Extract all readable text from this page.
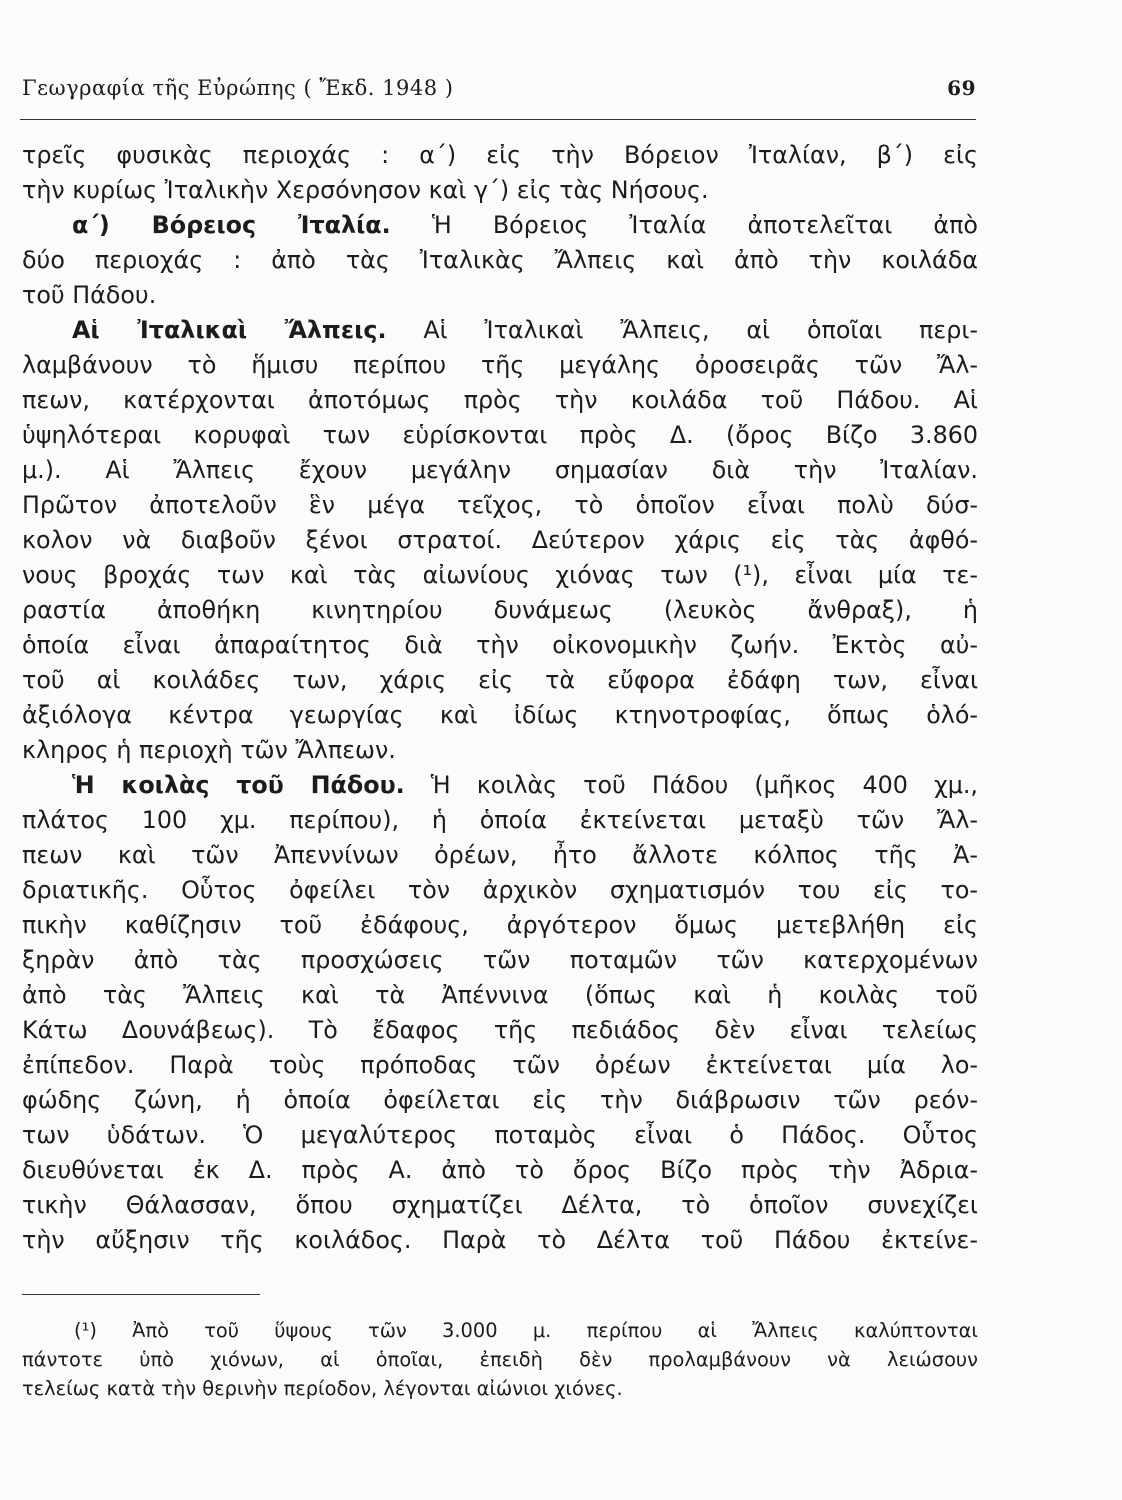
Γεωγραφία τῆς Εὐρώπης ( Ἔκδ. 1948 )	69
τρεῖς φυσικὰς περιοχάς : α΄) εἰς τὴν Βόρειον Ἰταλίαν, β΄) εἰς
τὴν κυρίως Ἰταλικὴν Χερσόνησον καὶ γ΄) εἰς τὰς Νήσους.
α΄) Βόρειος Ἰταλία. Ἡ Βόρειος Ἰταλία ἀποτελεῖται ἀπὸ
δύο περιοχάς : ἀπὸ τὰς Ἰταλικὰς Ἄλπεις καὶ ἀπὸ τὴν κοιλάδα
τοῦ Πάδου.
Αἱ Ἰταλικαὶ Ἄλπεις. Αἱ Ἰταλικαὶ Ἄλπεις, αἱ ὁποῖαι περι-
λαμβάνουν τὸ ἥμισυ περίπου τῆς μεγάλης ὀροσειρᾶς τῶν Ἄλ-
πεων, κατέρχονται ἀποτόμως πρὸς τὴν κοιλάδα τοῦ Πάδου. Αἱ
ὑψηλότεραι κορυφαὶ των εὑρίσκονται πρὸς Δ. (ὄρος Βίζο 3.860
μ.). Αἱ Ἄλπεις ἔχουν μεγάλην σημασίαν διὰ τὴν Ἰταλίαν.
Πρῶτον ἀποτελοῦν ἓν μέγα τεῖχος, τὸ ὁποῖον εἶναι πολὺ δύσ-
κολον νὰ διαβοῦν ξένοι στρατοί. Δεύτερον χάρις εἰς τὰς ἀφθό-
νους βροχάς των καὶ τὰς αἰωνίους χιόνας των (¹), εἶναι μία τε-
ραστία ἀποθήκη κινητηρίου δυνάμεως (λευκὸς ἄνθραξ), ἡ
ὁποία εἶναι ἀπαραίτητος διὰ τὴν οἰκονομικὴν ζωήν. Ἐκτὸς αὐ-
τοῦ αἱ κοιλάδες των, χάρις εἰς τὰ εὔφορα ἐδάφη των, εἶναι
ἀξιόλογα κέντρα γεωργίας καὶ ἰδίως κτηνοτροφίας, ὅπως ὁλό-
κληρος ἡ περιοχὴ τῶν Ἄλπεων.
Ἡ κοιλὰς τοῦ Πάδου. Ἡ κοιλὰς τοῦ Πάδου (μῆκος 400 χμ.,
πλάτος 100 χμ. περίπου), ἡ ὁποία ἐκτείνεται μεταξὺ τῶν Ἄλ-
πεων καὶ τῶν Ἀπεννίνων ὀρέων, ἦτο ἄλλοτε κόλπος τῆς Ἀ-
δριατικῆς. Οὗτος ὀφείλει τὸν ἀρχικὸν σχηματισμόν του εἰς το-
πικὴν καθίζησιν τοῦ ἐδάφους, ἀργότερον ὅμως μετεβλήθη εἰς
ξηρὰν ἀπὸ τὰς προσχώσεις τῶν ποταμῶν τῶν κατερχομένων
ἀπὸ τὰς Ἄλπεις καὶ τὰ Ἀπέννινα (ὅπως καὶ ἡ κοιλὰς τοῦ
Κάτω Δουνάβεως). Τὸ ἔδαφος τῆς πεδιάδος δὲν εἶναι τελείως
ἐπίπεδον. Παρὰ τοὺς πρόποδας τῶν ὀρέων ἐκτείνεται μία λο-
φώδης ζώνη, ἡ ὁποία ὀφείλεται εἰς τὴν διάβρωσιν τῶν ρεόν-
των ὑδάτων. Ὁ μεγαλύτερος ποταμὸς εἶναι ὁ Πάδος. Οὗτος
διευθύνεται ἐκ Δ. πρὸς Α. ἀπὸ τὸ ὄρος Βίζο πρὸς τὴν Ἀδρια-
τικὴν Θάλασσαν, ὅπου σχηματίζει Δέλτα, τὸ ὁποῖον συνεχίζει
τὴν αὔξησιν τῆς κοιλάδος. Παρὰ τὸ Δέλτα τοῦ Πάδου ἐκτείνε-
(¹) Ἀπὸ τοῦ ὕψους τῶν 3.000 μ. περίπου αἱ Ἄλπεις καλύπτονται
πάντοτε ὑπὸ χιόνων, αἱ ὁποῖαι, ἐπειδὴ δὲν προλαμβάνουν νὰ λειώσουν
τελείως κατὰ τὴν θερινὴν περίοδον, λέγονται αἰώνιοι χιόνες.
